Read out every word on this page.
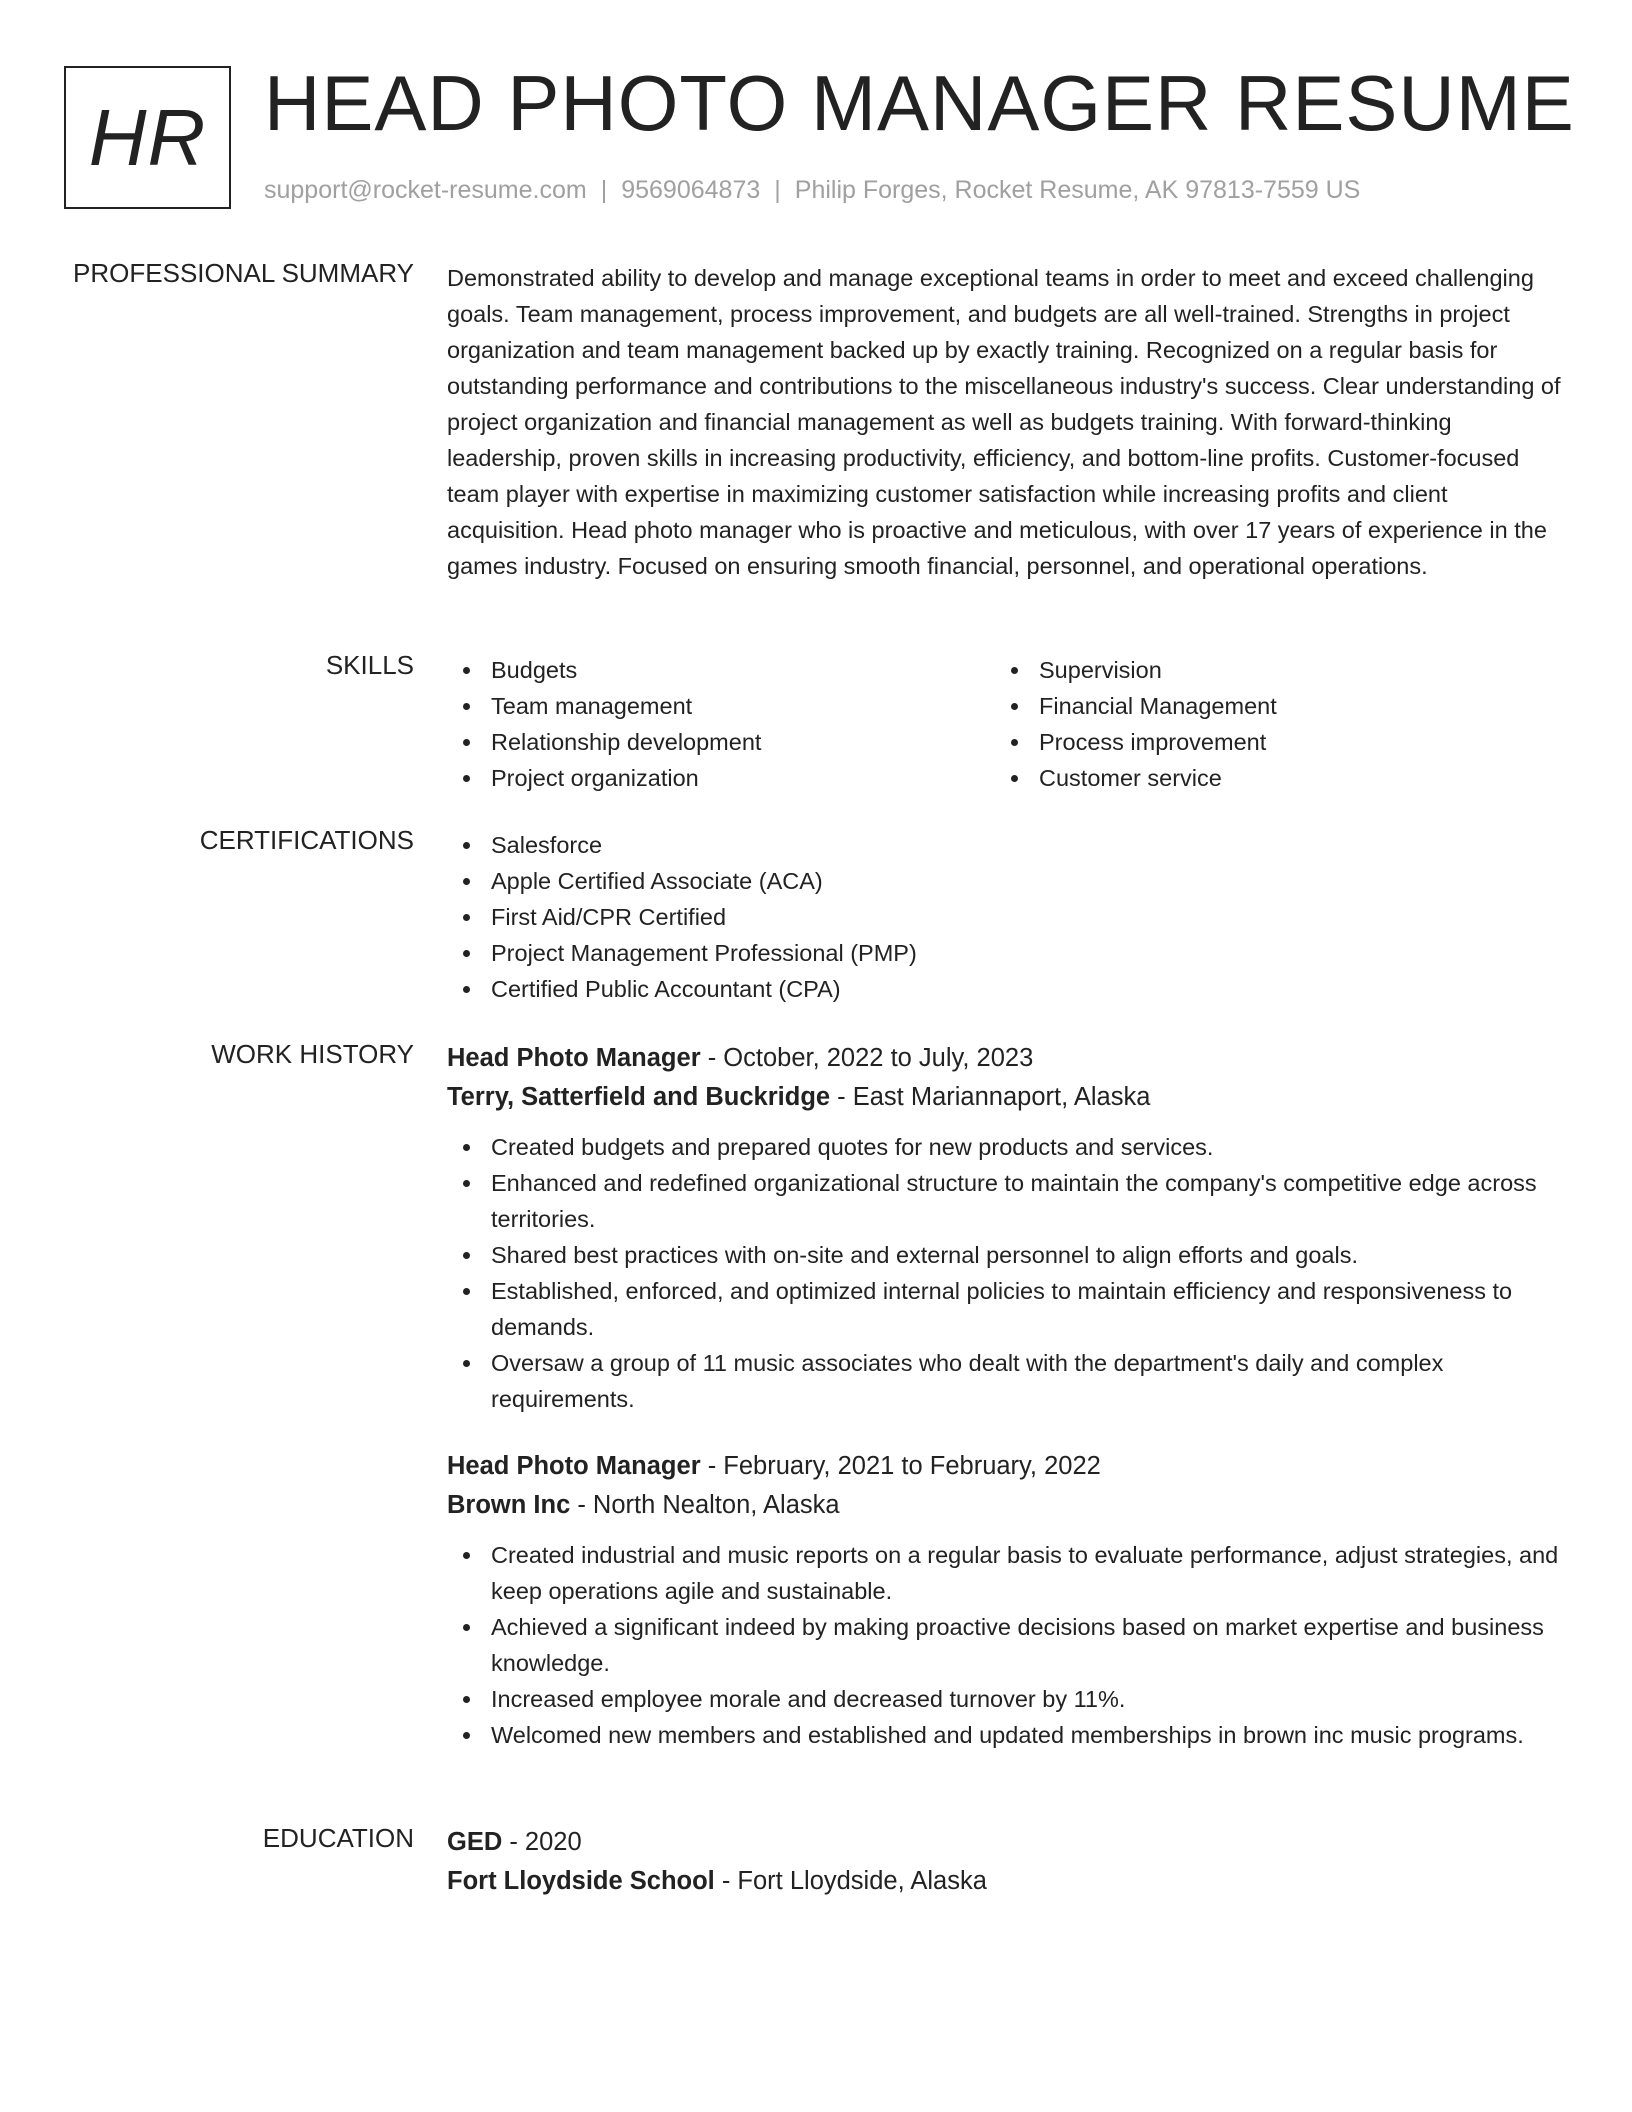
HR HEAD PHOTO MANAGER RESUME
support@rocket-resume.com | 9569064873 | Philip Forges, Rocket Resume, AK 97813-7559 US
PROFESSIONAL SUMMARY Demonstrated ability to develop and manage exceptional teams in order to meet and exceed challenging goals. Team management, process improvement, and budgets are all well-trained. Strengths in project organization and team management backed up by exactly training. Recognized on a regular basis for outstanding performance and contributions to the miscellaneous industry's success. Clear understanding of project organization and financial management as well as budgets training. With forward-thinking leadership, proven skills in increasing productivity, efficiency, and bottom-line profits. Customer-focused team player with expertise in maximizing customer satisfaction while increasing profits and client acquisition. Head photo manager who is proactive and meticulous, with over 17 years of experience in the games industry. Focused on ensuring smooth financial, personnel, and operational operations.
SKILLS	Budgets
Team management
Relationship development
Project organization
Supervision
Financial Management
Process improvement
Customer service
CERTIFICATIONS	Salesforce
Apple Certified Associate (ACA)
First Aid/CPR Certified
Project Management Professional (PMP)
Certified Public Accountant (CPA)
WORK HISTORY Head Photo Manager - October, 2022 to July, 2023
Terry, Satterfield and Buckridge - East Mariannaport, Alaska
Created budgets and prepared quotes for new products and services.
Enhanced and redefined organizational structure to maintain the company's competitive edge across territories.
Shared best practices with on-site and external personnel to align efforts and goals.
Established, enforced, and optimized internal policies to maintain efficiency and responsiveness to demands.
Oversaw a group of 11 music associates who dealt with the department's daily and complex requirements.
Head Photo Manager - February, 2021 to February, 2022
Brown Inc - North Nealton, Alaska
Created industrial and music reports on a regular basis to evaluate performance, adjust strategies, and keep operations agile and sustainable.
Achieved a significant indeed by making proactive decisions based on market expertise and business knowledge.
Increased employee morale and decreased turnover by 11%.
Welcomed new members and established and updated memberships in brown inc music programs.
EDUCATION GED - 2020
Fort Lloydside School - Fort Lloydside, Alaska
